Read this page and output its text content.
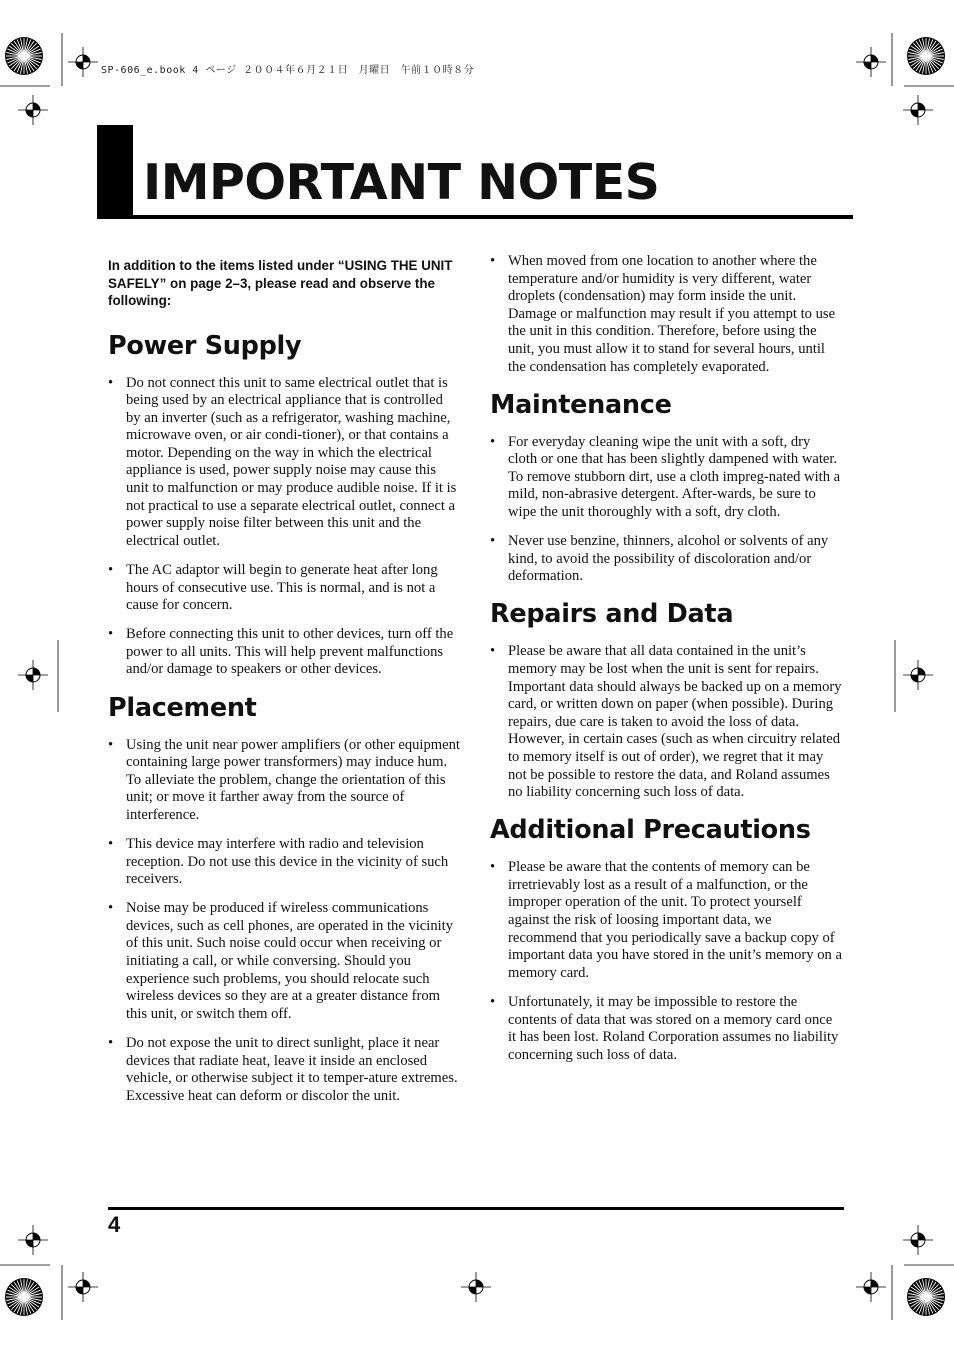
SP-606_e.book 4 ページ ２００４年６月２１日　月曜日　午前１０時８分
IMPORTANT NOTES

In addition to the items listed under “USING THE UNIT SAFELY” on page 2–3, please read and observe the following:

Power Supply
• Do not connect this unit to same electrical outlet that is being used by an electrical appliance that is controlled by an inverter (such as a refrigerator, washing machine, microwave oven, or air condi-tioner), or that contains a motor. Depending on the way in which the electrical appliance is used, power supply noise may cause this unit to malfunction or may produce audible noise. If it is not practical to use a separate electrical outlet, connect a power supply noise filter between this unit and the electrical outlet.
• The AC adaptor will begin to generate heat after long hours of consecutive use. This is normal, and is not a cause for concern.
• Before connecting this unit to other devices, turn off the power to all units. This will help prevent malfunctions and/or damage to speakers or other devices.
Placement
• Using the unit near power amplifiers (or other equipment containing large power transformers) may induce hum. To alleviate the problem, change the orientation of this unit; or move it farther away from the source of interference.
• This device may interfere with radio and television reception. Do not use this device in the vicinity of such receivers.
• Noise may be produced if wireless communications devices, such as cell phones, are operated in the vicinity of this unit. Such noise could occur when receiving or initiating a call, or while conversing. Should you experience such problems, you should relocate such wireless devices so they are at a greater distance from this unit, or switch them off.
• Do not expose the unit to direct sunlight, place it near devices that radiate heat, leave it inside an enclosed vehicle, or otherwise subject it to temper-ature extremes. Excessive heat can deform or discolor the unit.
• When moved from one location to another where the temperature and/or humidity is very different, water droplets (condensation) may form inside the unit. Damage or malfunction may result if you attempt to use the unit in this condition. Therefore, before using the unit, you must allow it to stand for several hours, until the condensation has completely evaporated.
Maintenance
• For everyday cleaning wipe the unit with a soft, dry cloth or one that has been slightly dampened with water. To remove stubborn dirt, use a cloth impreg-nated with a mild, non-abrasive detergent. After-wards, be sure to wipe the unit thoroughly with a soft, dry cloth.
• Never use benzine, thinners, alcohol or solvents of any kind, to avoid the possibility of discoloration and/or deformation.
Repairs and Data
• Please be aware that all data contained in the unit’s memory may be lost when the unit is sent for repairs. Important data should always be backed up on a memory card, or written down on paper (when possible). During repairs, due care is taken to avoid the loss of data. However, in certain cases (such as when circuitry related to memory itself is out of order), we regret that it may not be possible to restore the data, and Roland assumes no liability concerning such loss of data.
Additional Precautions
• Please be aware that the contents of memory can be irretrievably lost as a result of a malfunction, or the improper operation of the unit. To protect yourself against the risk of loosing important data, we recommend that you periodically save a backup copy of important data you have stored in the unit’s memory on a memory card.
• Unfortunately, it may be impossible to restore the contents of data that was stored on a memory card once it has been lost. Roland Corporation assumes no liability concerning such loss of data.
4
